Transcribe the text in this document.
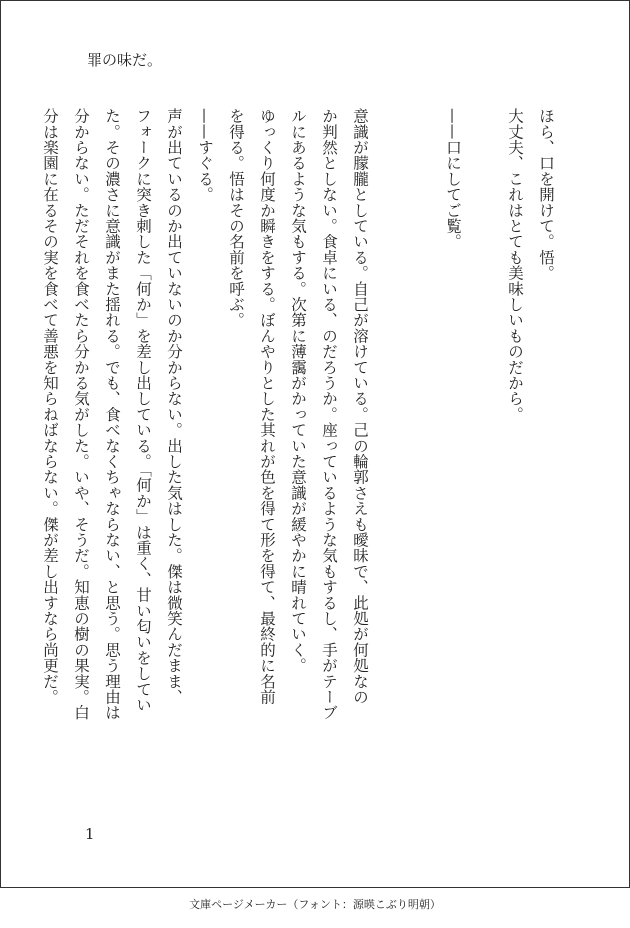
罪の味だ。
ほら、口を開けて。悟。
大丈夫、これはとても美味しいものだから。
——口にしてご覧。
意識が朦朧としている。自己が溶けている。己の輪郭さえも曖昧で、此処が何処なの
か判然としない。食卓にいる、のだろうか。座っているような気もするし、手がテーブ
ルにあるような気もする。次第に薄靄がかっていた意識が緩やかに晴れていく。
ゆっくり何度か瞬きをする。ぼんやりとした其れが色を得て形を得て、最終的に名前
を得る。悟はその名前を呼ぶ。
——すぐる。
声が出ているのか出ていないのか分からない。出した気はした。傑は微笑んだまま、
フォークに突き刺した「何か」を差し出している。「何か」は重く、甘い匂いをしてい
た。その濃さに意識がまた揺れる。でも、食べなくちゃならない、と思う。思う理由は
分からない。ただそれを食べたら分かる気がした。いや、そうだ。知恵の樹の果実。白
分は楽園に在るその実を食べて善悪を知らねばならない。傑が差し出すなら尚更だ。
1
文庫ページメーカー（フォント：源暎こぶり明朝）
